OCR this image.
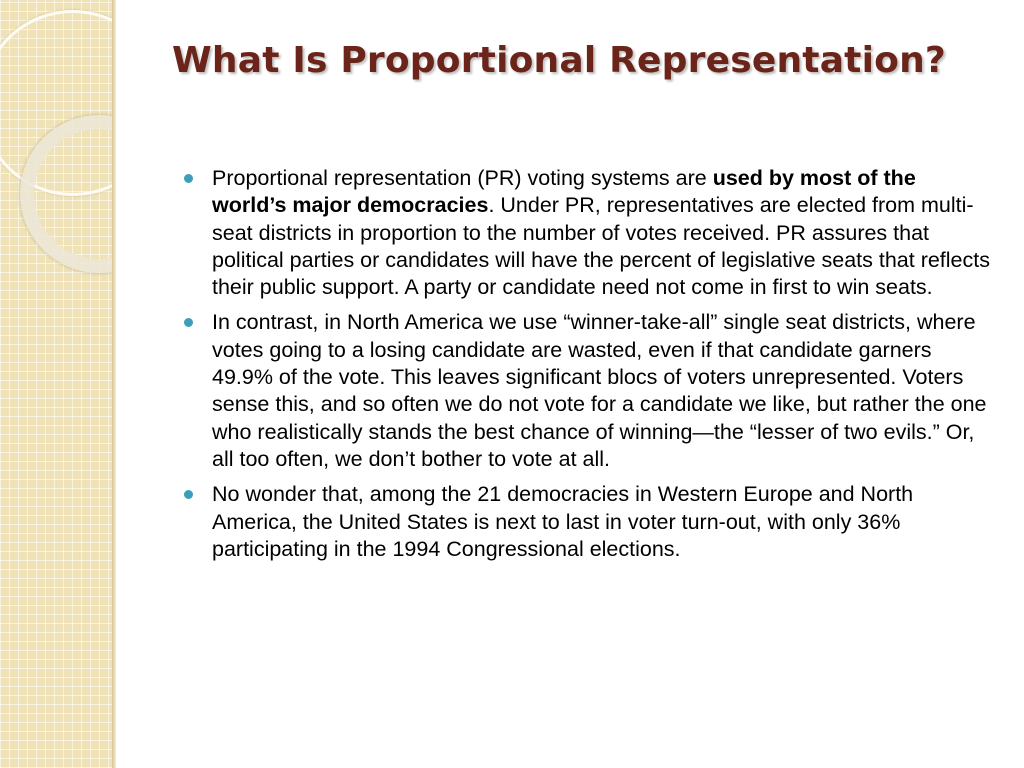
What Is Proportional Representation?

Proportional representation (PR) voting systems are used by most of the world’s major democracies. Under PR, representatives are elected from multi-seat districts in proportion to the number of votes received. PR assures that political parties or candidates will have the percent of legislative seats that reflects their public support. A party or candidate need not come in first to win seats.

In contrast, in North America we use “winner-take-all” single seat districts, where votes going to a losing candidate are wasted, even if that candidate garners 49.9% of the vote. This leaves significant blocs of voters unrepresented. Voters sense this, and so often we do not vote for a candidate we like, but rather the one who realistically stands the best chance of winning—the “lesser of two evils.” Or, all too often, we don’t bother to vote at all.

No wonder that, among the 21 democracies in Western Europe and North America, the United States is next to last in voter turn-out, with only 36% participating in the 1994 Congressional elections.
